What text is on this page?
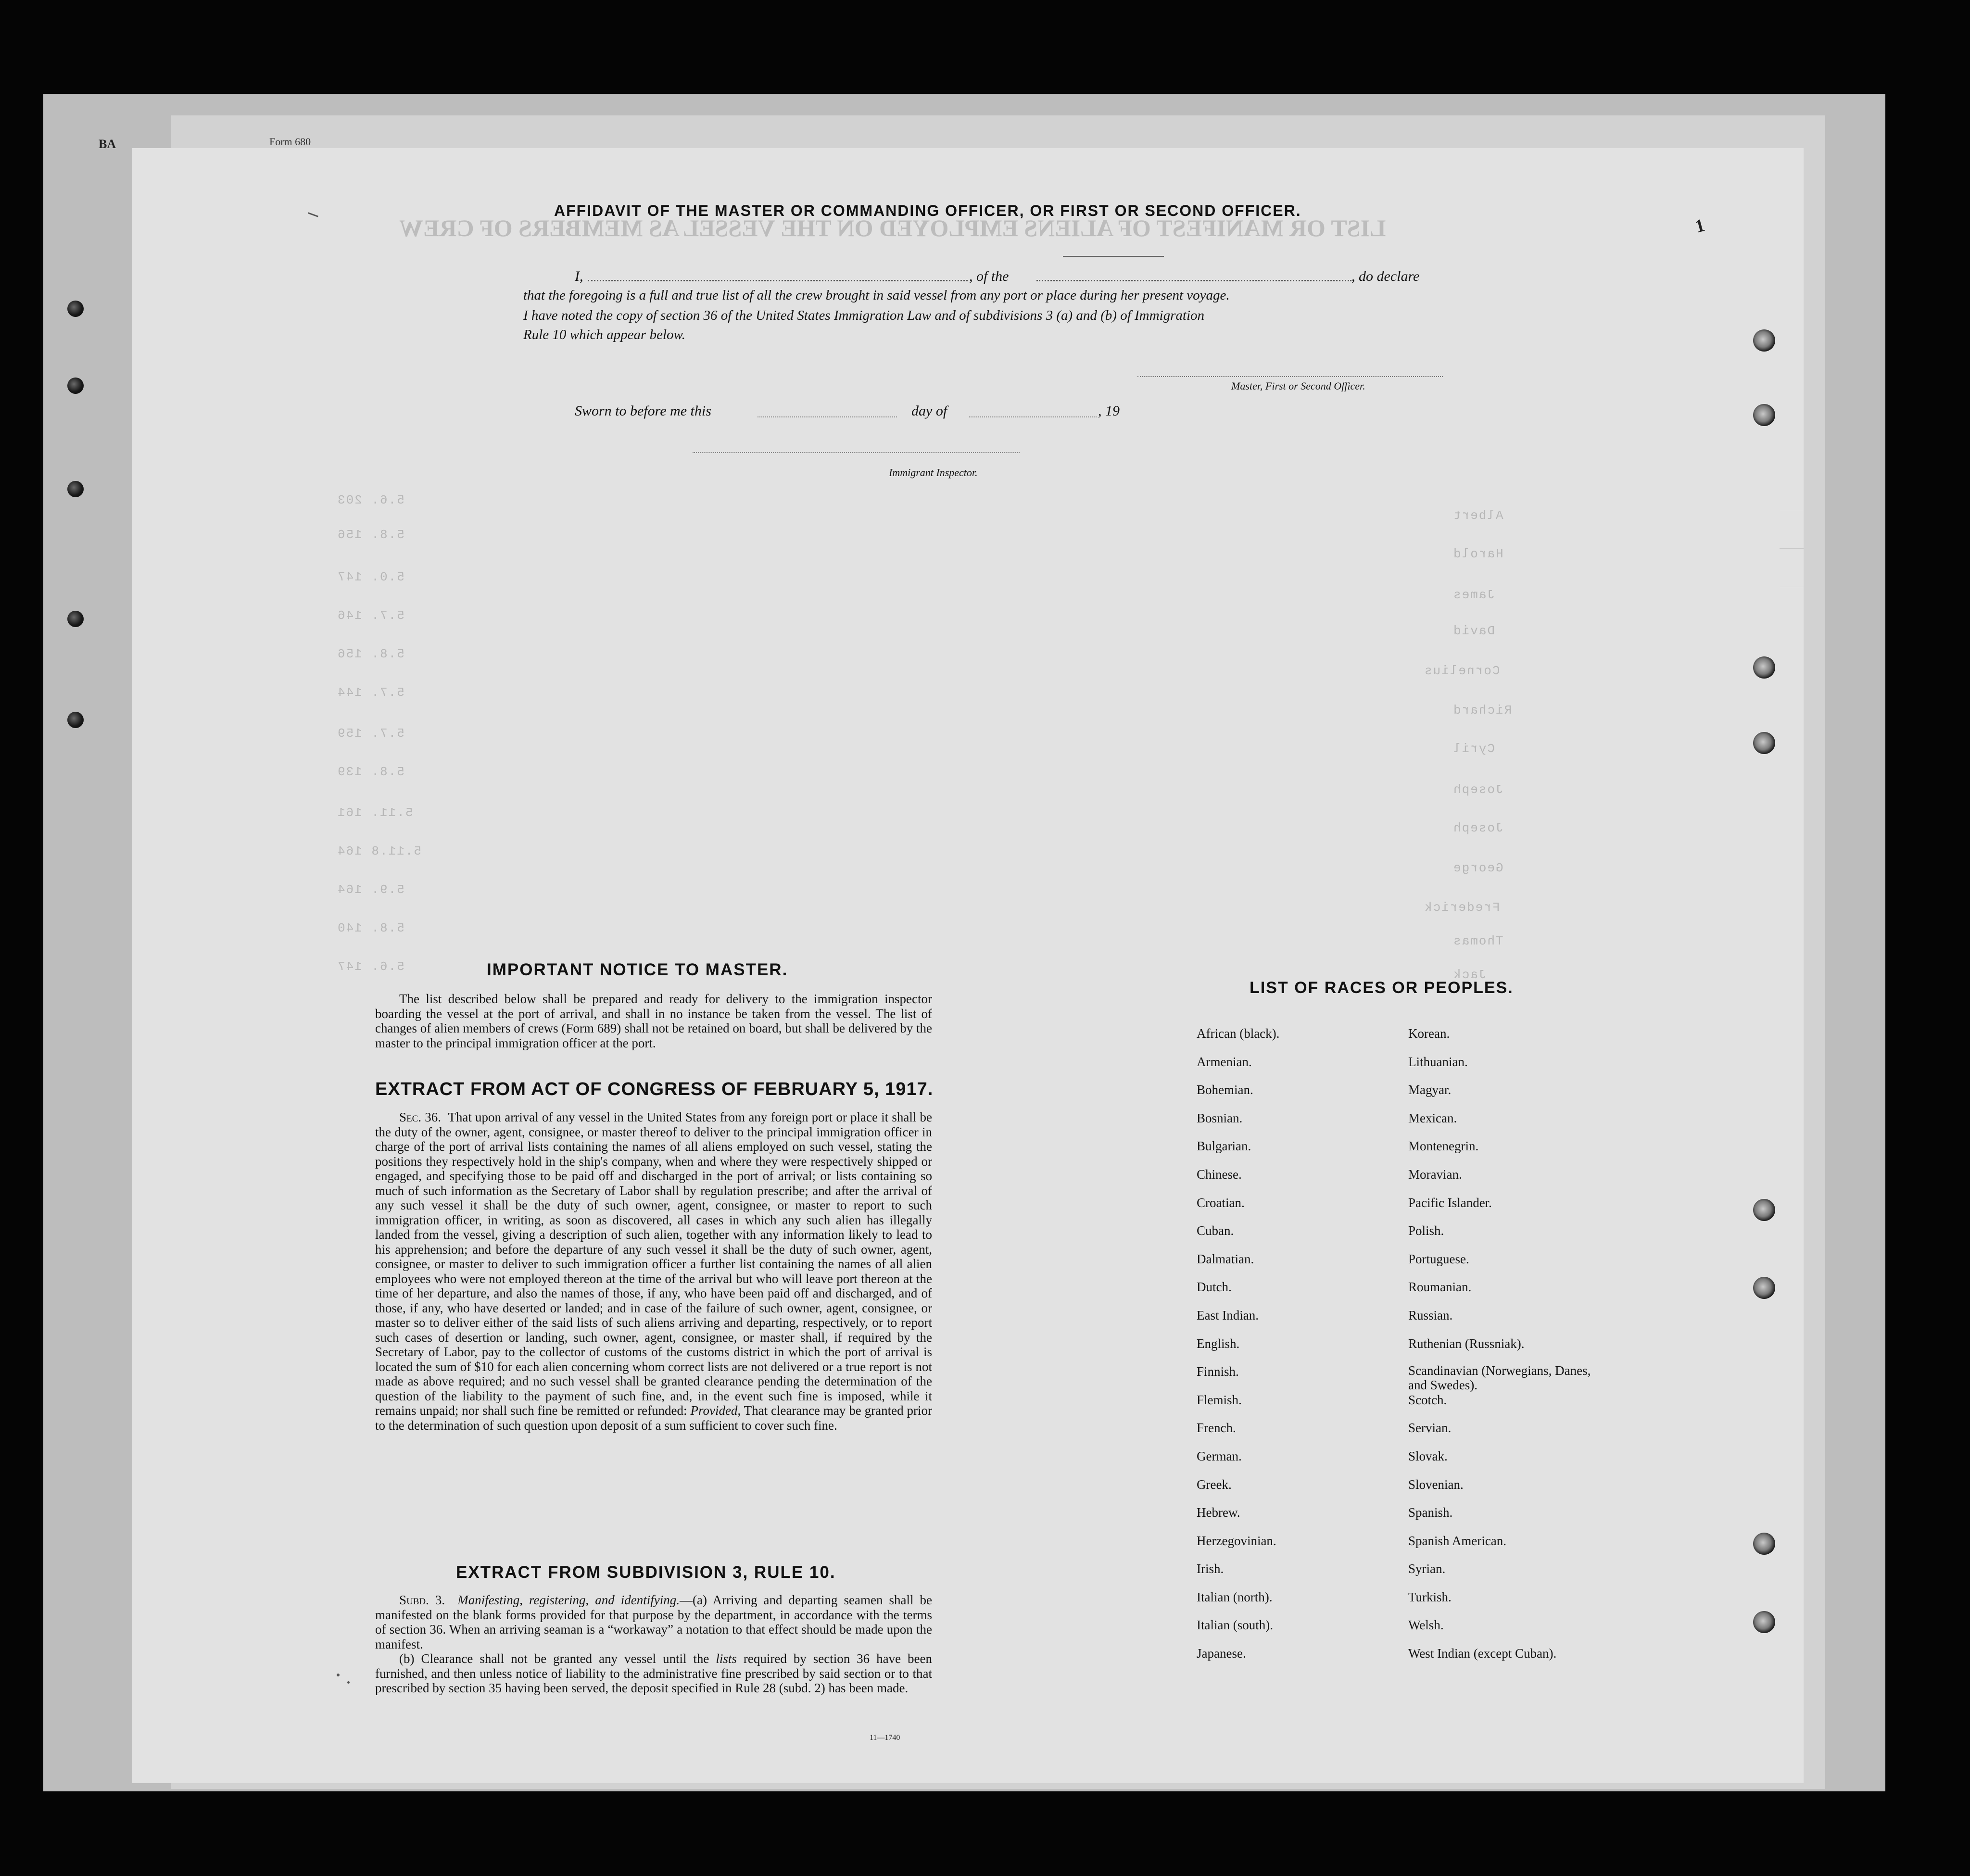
Form 680
BA
LIST OR MANIFEST OF ALIENS EMPLOYED ON THE VESSEL AS MEMBERS OF CREW
5.6. 203
5.8. 156
5.0. 147
5.7. 146
5.8. 156
5.7. 144
5.7. 159
5.8. 139
5.11. 161
5.11.8 164
5.9. 164
5.8. 140
5.6. 147
Albert
Harold
James
David
Cornelius
Richard
Cyril
Joseph
Joseph
George
Frederick
Thomas
Jack
1
AFFIDAVIT OF THE MASTER OR COMMANDING OFFICER, OR FIRST OR SECOND OFFICER.
I,	, of the	, do declare
that the foregoing is a full and true list of all the crew brought in said vessel from any port or place during her present voyage.
I have noted the copy of section 36 of the United States Immigration Law and of subdivisions 3 (a) and (b) of Immigration
Rule 10 which appear below.
Master, First or Second Officer.
Sworn to before me this	day of	, 19
Immigrant Inspector.
IMPORTANT NOTICE TO MASTER.
The list described below shall be prepared and ready for delivery to the immigration inspector boarding the vessel at the port of arrival, and shall in no instance be taken from the vessel. The list of changes of alien members of crews (Form 689) shall not be retained on board, but shall be delivered by the master to the principal immigration officer at the port.
EXTRACT FROM ACT OF CONGRESS OF FEBRUARY 5, 1917.

Sec. 36. That upon arrival of any vessel in the United States from any foreign port or place it shall be the duty of the owner, agent, consignee, or master thereof to deliver to the principal immigration officer in charge of the port of arrival lists containing the names of all aliens employed on such vessel, stating the positions they respectively hold in the ship's company, when and where they were respectively shipped or engaged, and specifying those to be paid off and discharged in the port of arrival; or lists containing so much of such information as the Secretary of Labor shall by regulation prescribe; and after the arrival of any such vessel it shall be the duty of such owner, agent, consignee, or master to report to such immigration officer, in writing, as soon as discovered, all cases in which any such alien has illegally landed from the vessel, giving a description of such alien, together with any information likely to lead to his apprehension; and before the departure of any such vessel it shall be the duty of such owner, agent, consignee, or master to deliver to such immigration officer a further list containing the names of all alien employees who were not employed thereon at the time of the arrival but who will leave port thereon at the time of her departure, and also the names of those, if any, who have been paid off and discharged, and of those, if any, who have deserted or landed; and in case of the failure of such owner, agent, consignee, or master so to deliver either of the said lists of such aliens arriving and departing, respectively, or to report such cases of desertion or landing, such owner, agent, consignee, or master shall, if required by the Secretary of Labor, pay to the collector of customs of the customs district in which the port of arrival is located the sum of $10 for each alien concerning whom correct lists are not delivered or a true report is not made as above required; and no such vessel shall be granted clearance pending the determination of the question of the liability to the payment of such fine, and, in the event such fine is imposed, while it remains unpaid; nor shall such fine be remitted or refunded: Provided, That clearance may be granted prior to the determination of such question upon deposit of a sum sufficient to cover such fine.

EXTRACT FROM SUBDIVISION 3, RULE 10.

Subd. 3. Manifesting, registering, and identifying.—(a) Arriving and departing seamen shall be manifested on the blank forms provided for that purpose by the department, in accordance with the terms of section 36. When an arriving seaman is a “workaway” a notation to that effect should be made upon the manifest.

(b) Clearance shall not be granted any vessel until the lists required by section 36 have been furnished, and then unless notice of liability to the administrative fine prescribed by said section or to that prescribed by section 35 having been served, the deposit specified in Rule 28 (subd. 2) has been made.

11—1740
LIST OF RACES OR PEOPLES.
African (black).	Korean.
Armenian.	Lithuanian.
Bohemian.	Magyar.
Bosnian.	Mexican.
Bulgarian.	Montenegrin.
Chinese.	Moravian.
Croatian.	Pacific Islander.
Cuban.	Polish.
Dalmatian.	Portuguese.
Dutch.	Roumanian.
East Indian.	Russian.
English.	Ruthenian (Russniak).
Finnish.	Scandinavian (Norwegians, Danes, and Swedes).
Flemish.	Scotch.
French.	Servian.
German.	Slovak.
Greek.	Slovenian.
Hebrew.	Spanish.
Herzegovinian.	Spanish American.
Irish.	Syrian.
Italian (north).	Turkish.
Italian (south).	Welsh.
Japanese.	West Indian (except Cuban).
